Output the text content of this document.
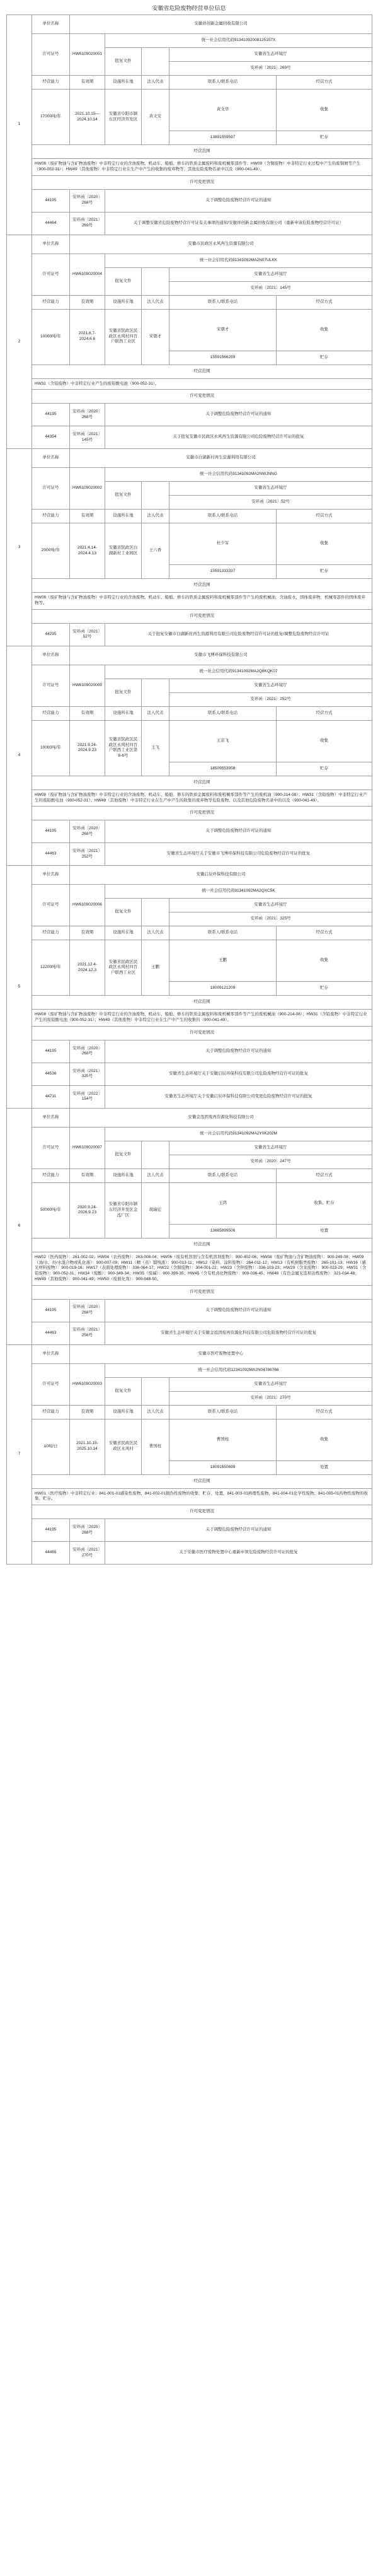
安徽省危险废物经营单位信息
1	单位名称	安徽祥创新金属回收有限公司				
	许可证号	HW6109020001	统一社会信用代码91341092008125157X			
			批复文件		安徽省生态环境厅	
					安环函〔2021〕269号	
	经营能力	有效期	设施所在地	法人代表	联系人/联系电话	经营方式
	17000吨/年	2021.10.15—2024.10.14	安徽省阜阳市颍东区经济开发区	黄文安	黄文华	收集
					13891559597	贮存
	经营范围					
	HW08（废矿物油与含矿物油废物）中非特定行业的含油废物。机动车、船舶、修车的铁质金属废料和废机械零部件等；HW09（含铜废物）中非特定行业过程中产生的废铜屑等产生（900-052-31）；HW49（其他废物）中非特定行业在生产中产生的收集的废弃物等；其他危险废物名录中以及（900-041-49）。					
	许可变更情况					
	44195	安环函〔2020〕268号	关于调整危险废物经营许可证的通知			
	44464	安环函〔2021〕269号	关于调整安徽省危险废物经营许可证有关事项的通知/安徽祥创新金属回收有限公司（重新申请危险废物经营许可证）			
2	单位名称	安徽市民政区永风再生资源有限公司				
	许可证号	HW6109020004	统一社会信用代码91341092MA2N07ULKK			
			批复文件		安徽省生态环境厅	
					安环函〔2021〕145号	
	经营能力	有效期	设施所在地	法人代表	联系人/联系电话	经营方式
	10000吨/年	2021.6.7-2024.6.6	安徽省民政区民政区永风村四百户联西工业区	宋朝才	宋朝才	收集
					15591566259	贮存
	经营范围					
	HW31（含铅废物）中非特定行业产生的废铅酸电池（900-052-31）。					
	许可变更情况					
	44195	安环函〔2020〕268号	关于调整危险废物经营许可证的通知			
	44354	安环函〔2021〕145号	关于批复安徽市民政区永风再生资源有限公司危险废物经营许可证的批复			
3	单位名称	安徽市白湖新村再生资源利用有限公司				
	许可证号	HW6109020002	统一社会信用代码91341092MA2NWJNNG			
			批复文件		安徽省生态环境厅	
					安环函〔2021〕52号	
	经营能力	有效期	设施所在地	法人代表	联系人/联系电话	经营方式
	2000吨/年	2021.4.14-2024.4.13	安徽省民政区白湖新村工业园区	王六香	杜少军	收集
					15591333337	贮存
	经营范围					
	HW08（废矿物油与含矿物油废物）中非特定行业的含油废物。机动车、船舶、修车的铁质金属废料和废机械零部件等产生的废机械油，含油废水，固体废弃物，机械零部件的固体废弃物等。					
	许可变更情况					
	44295	安环函〔2021〕52号	关于批复安徽市白湖新村再生资源利用有限公司危险废物经营许可证的批复/调整危险废物经营许可证			
4	单位名称	安徽市飞博环保科技有限公司				
	许可证号	HW6109020005	统一社会信用代码91341092MA2Q8KQK07			
			批复文件		安徽省生态环境厅	
					安环函〔2021〕252号	
	经营能力	有效期	设施所在地	法人代表	联系人/联系电话	经营方式
	10000吨/年	2021.9.24-2024.9.23	安徽省民政区民政区永风村四百户联西工业区第8-6号	王飞	王京飞	收集
					18509553958	贮存
	经营范围					
	HW08（废矿物油与含矿物油废物）中非特定行业的含油废物。机动车、船舶、修车的铁质金属废料和废机械零部件等产生的废机油（900-214-08）；HW31（含铅废物）中非特定行业产生的废铅酸电池（900-052-31）；HW49（其他废物）中非特定行业在生产中产生的收集的废弃物等危险废物。以及其他危险废物名录中的以及（900-041-49）。					
	许可变更情况					
	44195	安环函〔2020〕268号	关于调整危险废物经营许可证的通知			
	44463	安环函〔2021〕252号	安徽省生态环境厅关于安徽市飞博环保科技有限公司危险废物经营许可证的批复			
5	单位名称	安徽启辰环保科技有限公司				
	许可证号	HW6109020006	统一社会信用代码91341092MA2QXC5K			
			批复文件		安徽省生态环境厅	
					安环函〔2021〕325号	
	经营能力	有效期	设施所在地	法人代表	联系人/联系电话	经营方式
	12200吨/年	2021.12.4-2024.12.3	安徽省民政区民政区永风村四百户联西工业区	王鹏	王鹏	收集
					18009121209	贮存
	经营范围					
	HW08（废矿物油与含矿物油废物）中非特定行业的含油废物。机动车、船舶、修车的铁质金属废料和废机械零部件等产生的废机械油（900-214-08）；HW31（含铅废物）中非特定行业产生的废铅酸电池（900-052-31）；HW49（其他废物）中非特定行业在生产中产生的收集的（900-041-49）。					
	许可变更情况					
	44195	安环函〔2020〕268号	关于调整危险废物经营许可证的通知			
	44536	安环函〔2021〕325号	安徽省生态环境厅关于安徽启辰环保科技有限公司危险废物经营许可证的批复			
	44711	安环函〔2022〕154号	安徽省生态环境厅关于安徽启辰环保科技有限公司变更危险废物经营许可证的批复			
6	单位名称	安徽金泓固废再资源化科技有限公司				
	许可证号	HW6109020007	统一社会信用代码91341092MA2Y0K202M			
			批复文件		安徽省生态环境厅	
					安环函〔2020〕247号	
	经营能力	有效期	设施所在地	法人代表	联系人/联系电话	经营方式
	50000吨/年	2020.9.24-2026.9.23	安徽省阜阳市颍东经济开发区金泓厂区	胡瑞宏	王鸿	收集、贮存
					13665899506	处置
	经营范围					
	HW02（医药废物）：261-002-02；HW04（农药废物）：263-008-04；HW06（废有机溶剂与含有机溶剂废物）：900-402-06；HW08（废矿物油与含矿物油废物）：900-249-08；HW09（油/水、烃/水混合物或乳化液）：900-007-09；HW11（精（蒸）馏残渣）：900-013-11；HW12（染料、涂料废物）：264-011-12；HW13（有机树脂类废物）：265-101-13；HW16（感光材料废物）：900-019-16；HW17（表面处理废物）：336-064-17；HW22（含铜废物）：304-001-22；HW23（含锌废物）：336-103-23；HW29（含汞废物）：900-023-29；HW31（含铅废物）：900-052-31；HW34（废酸）：900-349-34；HW35（废碱）：900-399-35；HW45（含有机卤化物废物）：900-036-45；HW48（有色金属采选和冶炼废物）：321-034-48；HW49（其他废物）：900-041-49；HW50（废催化剂）：900-048-50。					
	许可变更情况					
	44195	安环函〔2020〕268号	关于调整危险废物经营许可证的通知			
	44463	安环函〔2021〕256号	安徽省生态环境厅关于安徽金泓固废再资源化科技有限公司危险废物经营许可证的批复			
7	单位名称	安徽市医疗废物处置中心				
	许可证号	HW6109020003	统一社会信用代码12341092MA2N04786766			
			批复文件		安徽省生态环境厅	
					安环函〔2021〕270号	
	经营能力	有效期	设施所在地	法人代表	联系人/联系电话	经营方式
	10吨/日	2021.10.15-2025.10.14	安徽省民政区民政区永风村	曹国柱	曹国柱	收集
					18091550699	处置
	经营范围					
	HW01（医疗废物）中非特定行业：841-001-01感染性废物、841-002-01损伤性废物的收集、贮存、处置，841-003-01病理性废物、841-004-01化学性废物、841-005-01药物性废物的收集、贮存。					
	许可变更情况					
	44195	安环函〔2020〕268号	关于调整危险废物经营许可证的通知			
	44465	安环函〔2021〕270号	关于安徽市医疗废物处置中心重新申领危险废物经营许可证的批复			
